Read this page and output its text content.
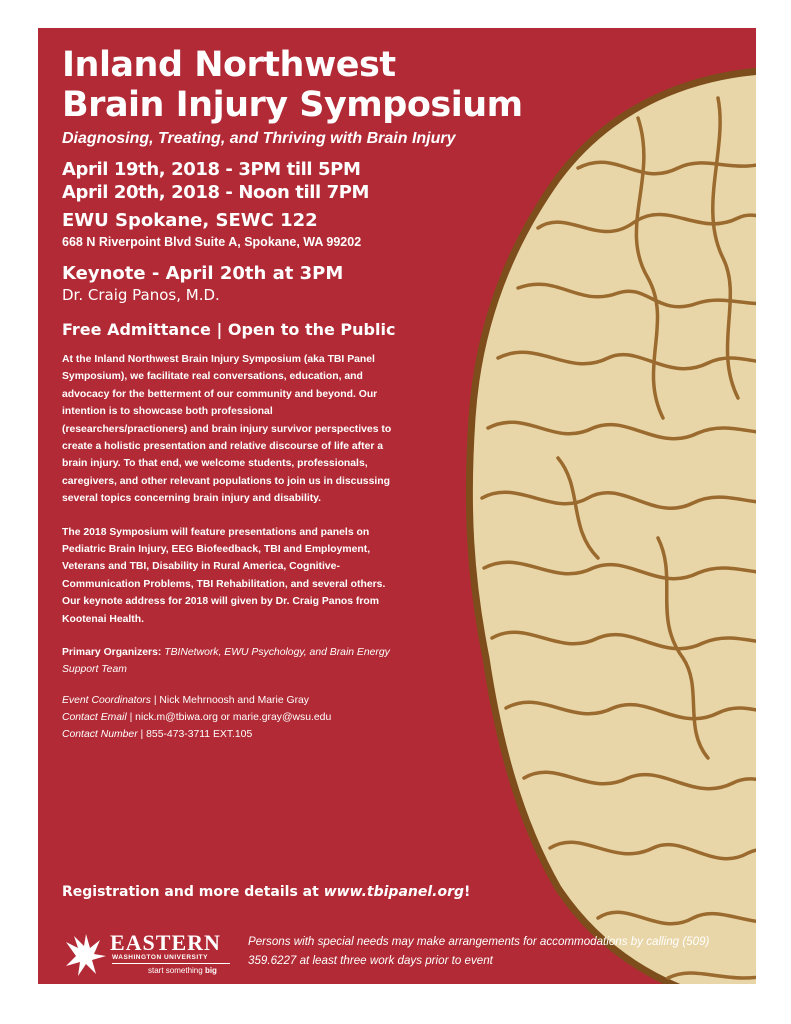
Inland Northwest
Brain Injury Symposium
Diagnosing, Treating, and Thriving with Brain Injury
April 19th, 2018 - 3PM till 5PM
April 20th, 2018 - Noon till 7PM
EWU Spokane, SEWC 122
668 N Riverpoint Blvd Suite A, Spokane, WA 99202
Keynote - April 20th at 3PM
Dr. Craig Panos, M.D.
Free Admittance | Open to the Public

At the Inland Northwest Brain Injury Symposium (aka TBI Panel Symposium), we facilitate real conversations, education, and advocacy for the betterment of our community and beyond. Our intention is to showcase both professional (researchers/practioners) and brain injury survivor perspectives to create a holistic presentation and relative discourse of life after a brain injury. To that end, we welcome students, professionals, caregivers, and other relevant populations to join us in discussing several topics concerning brain injury and disability.

The 2018 Symposium will feature presentations and panels on Pediatric Brain Injury, EEG Biofeedback, TBI and Employment, Veterans and TBI, Disability in Rural America, Cognitive-Communication Problems, TBI Rehabilitation, and several others. Our keynote address for 2018 will given by Dr. Craig Panos from Kootenai Health.

Primary Organizers: TBINetwork, EWU Psychology, and Brain Energy Support Team
Event Coordinators | Nick Mehrnoosh and Marie Gray
Contact Email | nick.m@tbiwa.org or marie.gray@wsu.edu
Contact Number | 855-473-3711 EXT.105
Registration and more details at www.tbipanel.org!
EASTERN
WASHINGTON UNIVERSITY
start something big
Persons with special needs may make arrangements for accommodations by calling (509) 359.6227 at least three work days prior to event
